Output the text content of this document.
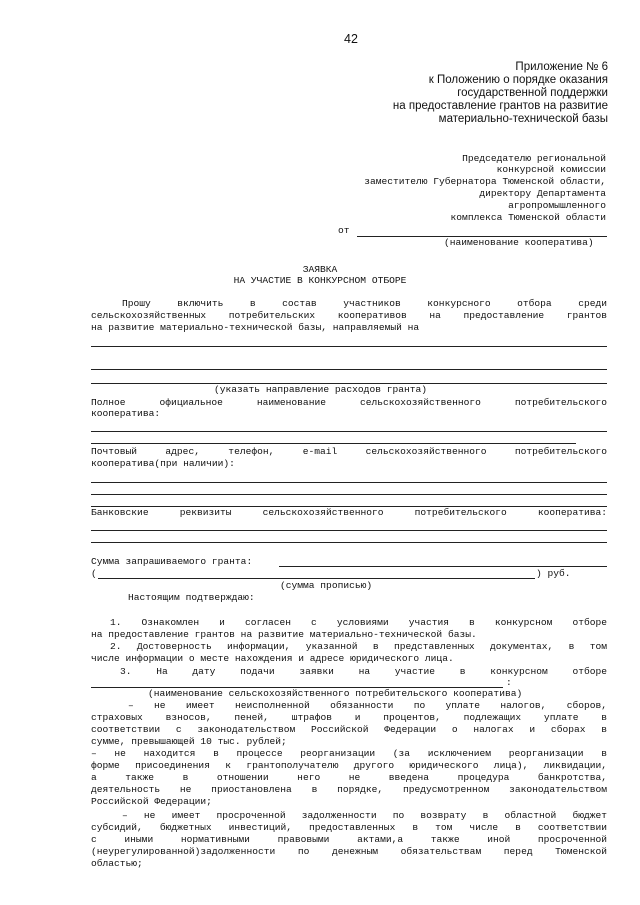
42
Приложение № 6
к Положению о порядке оказания
государственной поддержки
на предоставление грантов на развитие
материально-технической базы
Председателю региональной
конкурсной комиссии
заместителю Губернатора Тюменской области,
директору Департамента
агропромышленного
комплекса Тюменской области
от
(наименование кооператива)
ЗАЯВКА
НА УЧАСТИЕ В КОНКУРСНОМ ОТБОРЕ
Прошу включить в состав участников конкурсного отбора среди
сельскохозяйственных потребительских кооперативов на предоставление грантов
на развитие материально-технической базы, направляемый на
(указать направление расходов гранта)
Полное официальное наименование сельскохозяйственного потребительского
кооператива:
Почтовый адрес, телефон, e-mail сельскохозяйственного потребительского
кооператива(при наличии):
Банковские реквизиты сельскохозяйственного потребительского кооператива:
Сумма запрашиваемого гранта:
(	) руб.
(сумма прописью)
Настоящим подтверждаю:
1. Ознакомлен и согласен с условиями участия в конкурсном отборе
на предоставление грантов на развитие материально-технической базы.
2. Достоверность информации, указанной в представленных документах, в том
числе информации о месте нахождения и адресе юридического лица.
3. На дату подачи заявки на участие в конкурсном отборе
:
(наименование сельскохозяйственного потребительского кооператива)
– не имеет неисполненной обязанности по уплате налогов, сборов,
страховых взносов, пеней, штрафов и процентов, подлежащих уплате в
соответствии с законодательством Российской Федерации о налогах и сборах в
сумме, превышающей 10 тыс. рублей;
– не находится в процессе реорганизации (за исключением реорганизации в
форме присоединения к грантополучателю другого юридического лица), ликвидации,
а также в отношении него не введена процедура банкротства,
деятельность не приостановлена в порядке, предусмотренном законодательством
Российской Федерации;
– не имеет просроченной задолженности по возврату в областной бюджет
субсидий, бюджетных инвестиций, предоставленных в том числе в соответствии
с иными нормативными правовыми актами,а также иной просроченной
(неурегулированной)задолженности по денежным обязательствам перед Тюменской
областью;
